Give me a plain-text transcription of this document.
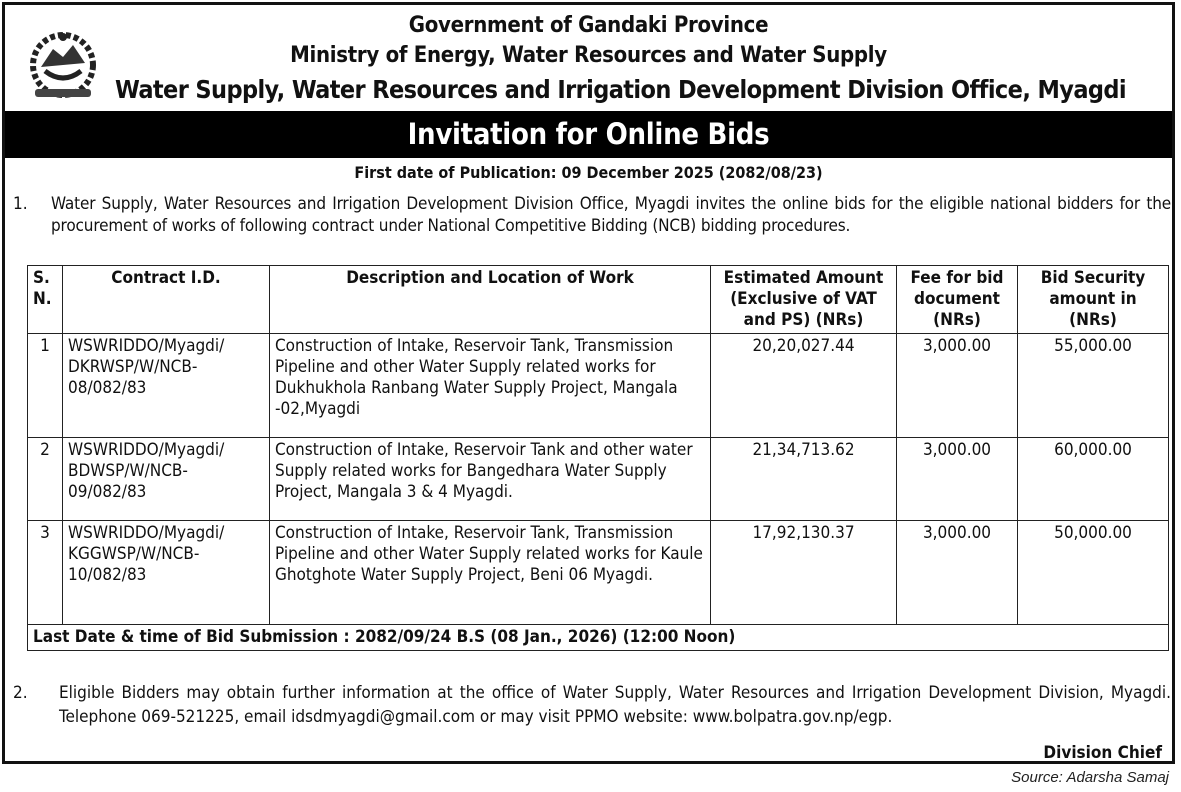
Government of Gandaki Province
Ministry of Energy, Water Resources and Water Supply
Water Supply, Water Resources and Irrigation Development Division Office, Myagdi
Invitation for Online Bids
First date of Publication: 09 December 2025 (2082/08/23)
1. Water Supply, Water Resources and Irrigation Development Division Office, Myagdi invites the online bids for the eligible national bidders for the procurement of works of following contract under National Competitive Bidding (NCB) bidding procedures.
S. N.	Contract I.D.	Description and Location of Work	Estimated Amount (Exclusive of VAT and PS) (NRs)	Fee for bid document (NRs)	Bid Security amount in (NRs)
1	WSWRIDDO/Myagdi/ DKRWSP/W/NCB- 08/082/83	Construction of Intake, Reservoir Tank, Transmission Pipeline and other Water Supply related works for Dukhukhola Ranbang Water Supply Project, Mangala -02,Myagdi	20,20,027.44	3,000.00	55,000.00
2	WSWRIDDO/Myagdi/ BDWSP/W/NCB- 09/082/83	Construction of Intake, Reservoir Tank and other water Supply related works for Bangedhara Water Supply Project, Mangala 3 & 4 Myagdi.	21,34,713.62	3,000.00	60,000.00
3	WSWRIDDO/Myagdi/ KGGWSP/W/NCB- 10/082/83	Construction of Intake, Reservoir Tank, Transmission Pipeline and other Water Supply related works for Kaule Ghotghote Water Supply Project, Beni 06 Myagdi.	17,92,130.37	3,000.00	50,000.00
Last Date & time of Bid Submission : 2082/09/24 B.S (08 Jan., 2026) (12:00 Noon)					
2. Eligible Bidders may obtain further information at the office of Water Supply, Water Resources and Irrigation Development Division, Myagdi. Telephone 069-521225, email idsdmyagdi@gmail.com or may visit PPMO website: www.bolpatra.gov.np/egp.
Division Chief
Source: Adarsha Samaj
